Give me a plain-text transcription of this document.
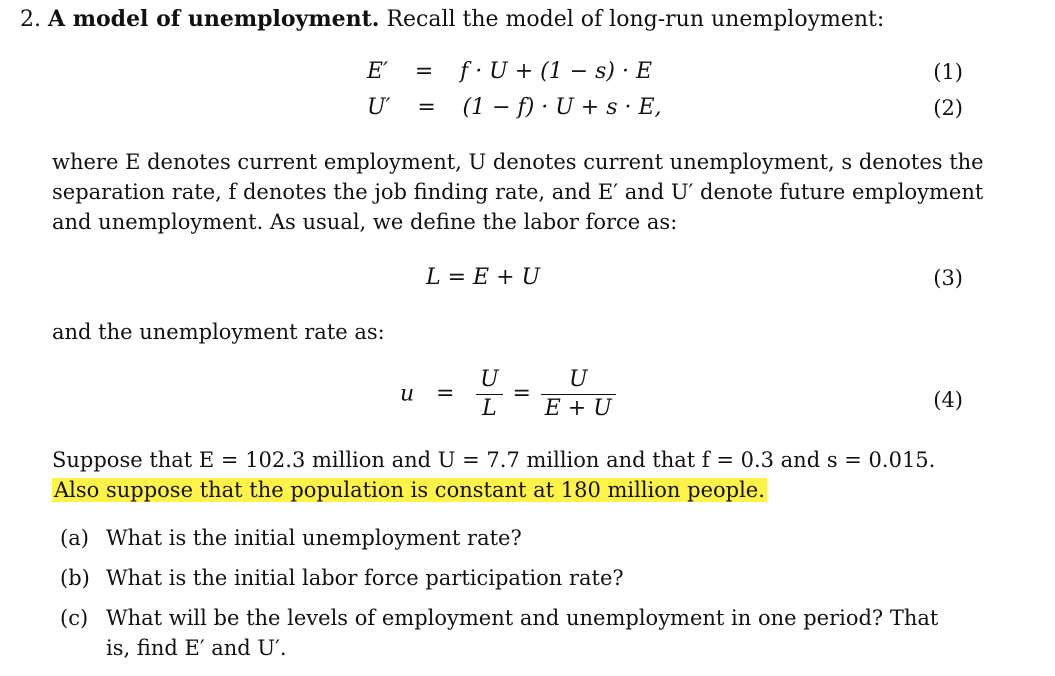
2. A model of unemployment. Recall the model of long-run unemployment:
E′ = f · U + (1 − s) · E	(1)
U′ = (1 − f) · U + s · E,	(2)
where E denotes current employment, U denotes current unemployment, s denotes the
separation rate, f denotes the job finding rate, and E′ and U′ denote future employment
and unemployment. As usual, we define the labor force as:
L = E + U	(3)
and the unemployment rate as:
$u = \frac{U}{L} = \frac{U}{E + U}$	(4)
Suppose that E = 102.3 million and U = 7.7 million and that f = 0.3 and s = 0.015.
Also suppose that the population is constant at 180 million people.
(a) What is the initial unemployment rate?
(b) What is the initial labor force participation rate?
(c) What will be the levels of employment and unemployment in one period? That
is, find E′ and U′.
